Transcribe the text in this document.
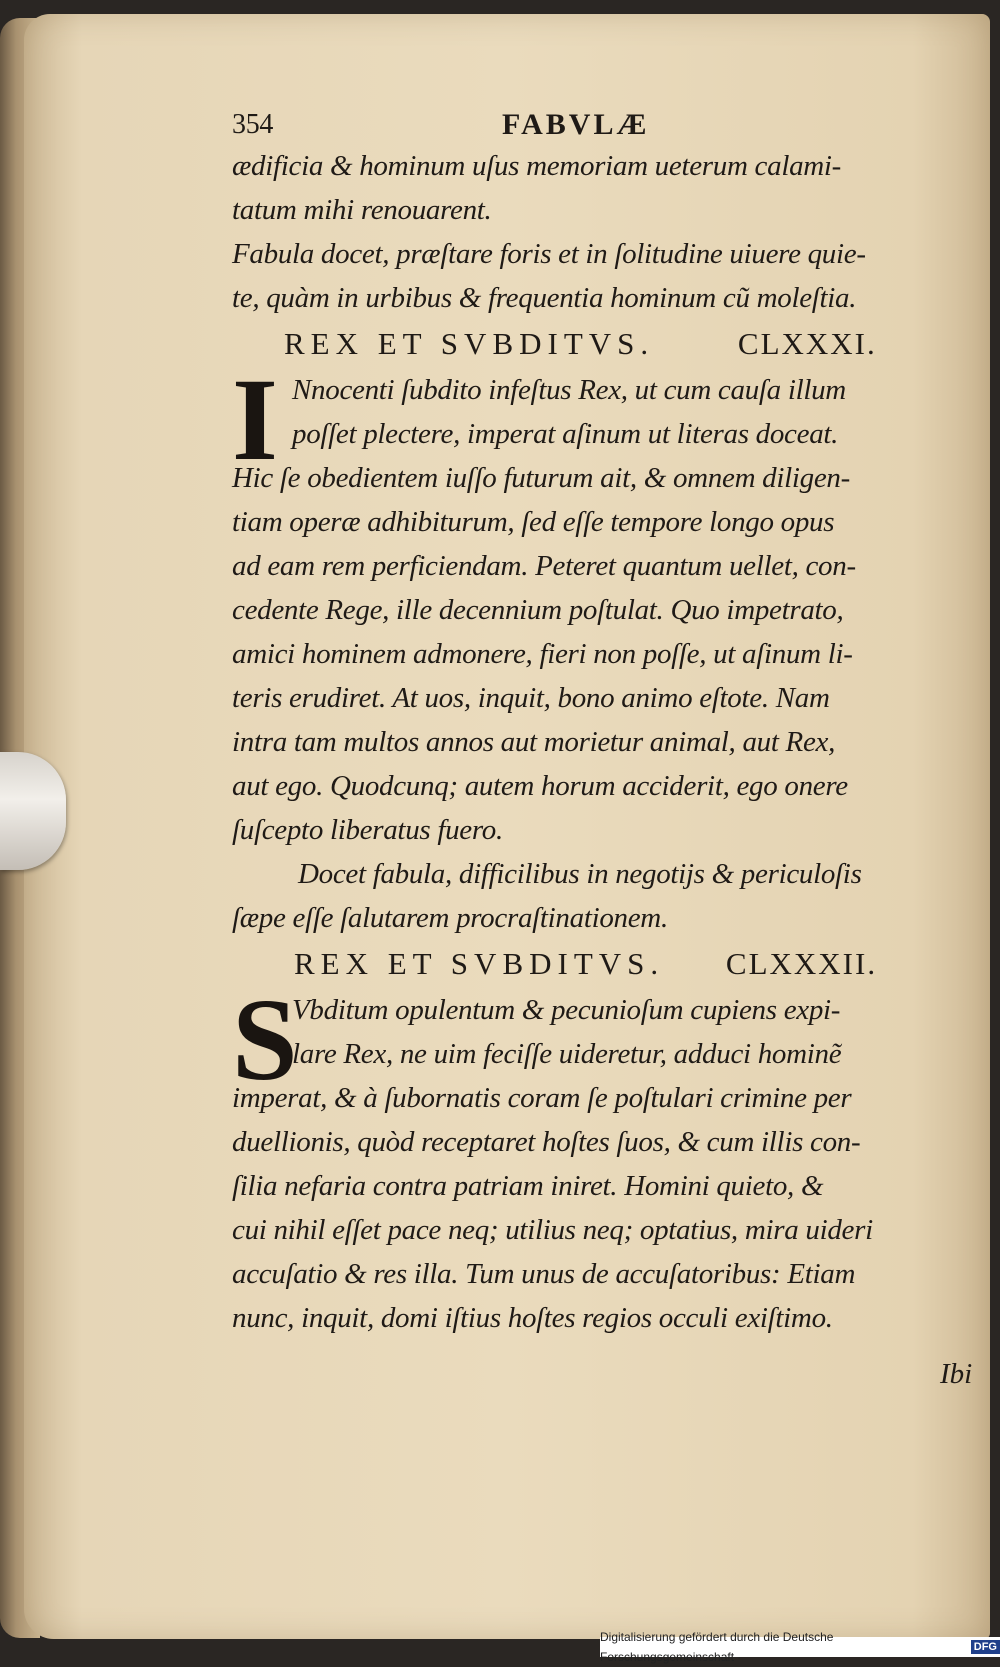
354	FABVLÆ
ædificia & hominum uſus memoriam ueterum calami-
tatum mihi renouarent.
Fabula docet, præſtare foris et in ſolitudine uiuere quie-
te, quàm in urbibus & frequentia hominum cũ moleſtia.
REX ET SVBDITVS.	CLXXXI.
I Nnocenti ſubdito infeſtus Rex, ut cum cauſa illum
poſſet plectere, imperat aſinum ut literas doceat.
Hic ſe obedientem iuſſo futurum ait, & omnem diligen-
tiam operæ adhibiturum, ſed eſſe tempore longo opus
ad eam rem perficiendam. Peteret quantum uellet, con-
cedente Rege, ille decennium poſtulat. Quo impetrato,
amici hominem admonere, fieri non poſſe, ut aſinum li-
teris erudiret. At uos, inquit, bono animo eſtote. Nam
intra tam multos annos aut morietur animal, aut Rex,
aut ego. Quodcunq; autem horum acciderit, ego onere
ſuſcepto liberatus fuero.
Docet fabula, difficilibus in negotijs & periculoſis
ſæpe eſſe ſalutarem procraſtinationem.
REX ET SVBDITVS. CLXXXII.
S
Vbditum opulentum & pecunioſum cupiens expi-
lare Rex, ne uim feciſſe uideretur, adduci hominẽ
imperat, & à ſubornatis coram ſe poſtulari crimine per
duellionis, quòd receptaret hoſtes ſuos, & cum illis con-
ſilia nefaria contra patriam iniret. Homini quieto, &
cui nihil eſſet pace neq; utilius neq; optatius, mira uideri
accuſatio & res illa. Tum unus de accuſatoribus: Etiam
nunc, inquit, domi iſtius hoſtes regios occuli exiſtimo.
Ibi
Digitalisierung gefördert durch die Deutsche Forschungsgemeinschaft ·
DFG
